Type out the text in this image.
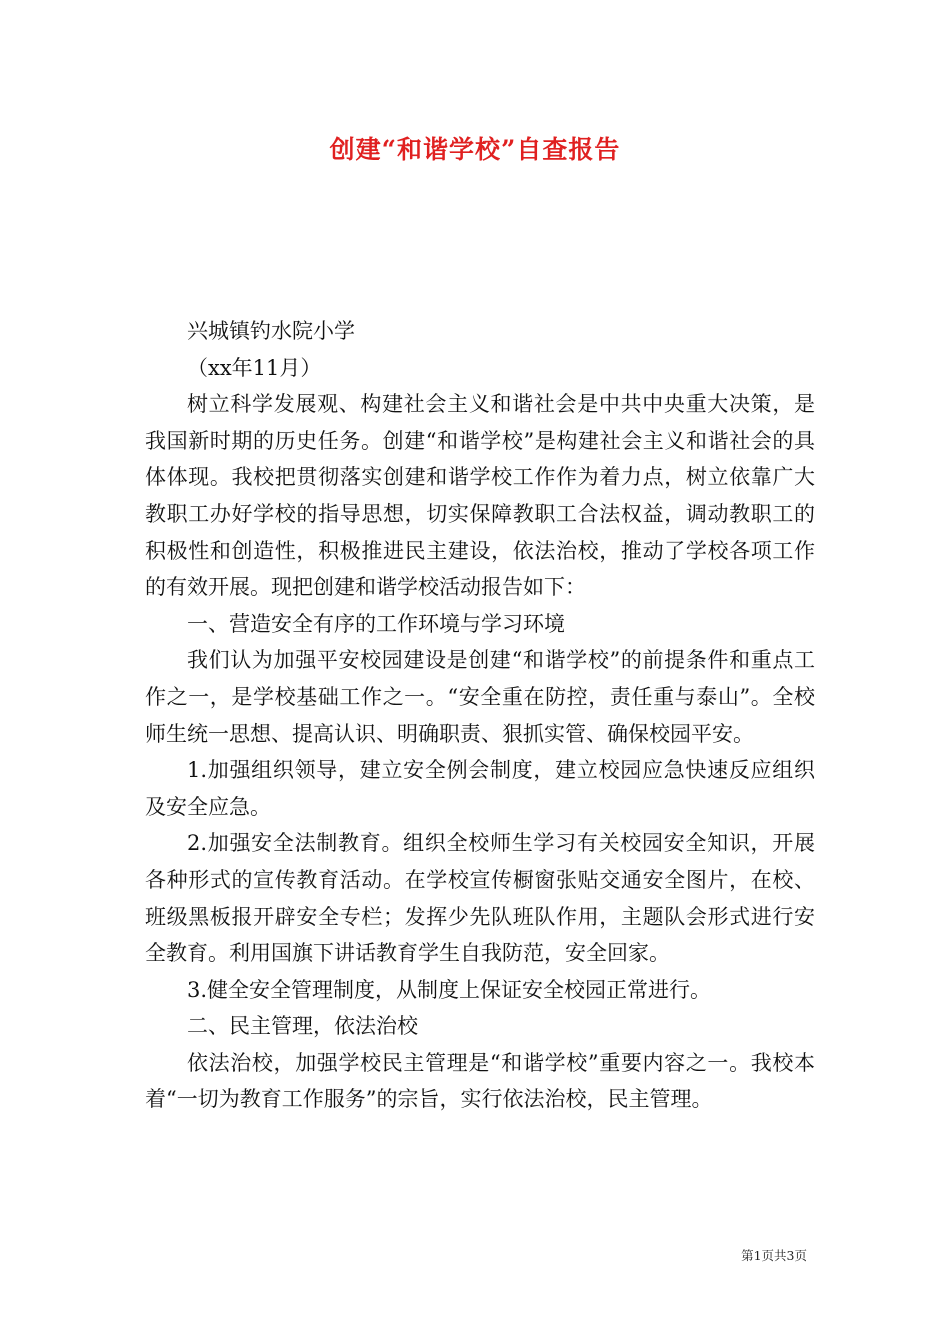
创建“和谐学校”自查报告

兴城镇钓水院小学

（xx年11月）

树立科学发展观、构建社会主义和谐社会是中共中央重大决策，是我国新时期的历史任务。创建“和谐学校”是构建社会主义和谐社会的具体体现。我校把贯彻落实创建和谐学校工作作为着力点，树立依靠广大教职工办好学校的指导思想，切实保障教职工合法权益，调动教职工的积极性和创造性，积极推进民主建设，依法治校，推动了学校各项工作的有效开展。现把创建和谐学校活动报告如下：

一、营造安全有序的工作环境与学习环境

我们认为加强平安校园建设是创建“和谐学校”的前提条件和重点工作之一，是学校基础工作之一。“安全重在防控，责任重与泰山”。全校师生统一思想、提高认识、明确职责、狠抓实管、确保校园平安。

1.加强组织领导，建立安全例会制度，建立校园应急快速反应组织及安全应急。

2.加强安全法制教育。组织全校师生学习有关校园安全知识，开展各种形式的宣传教育活动。在学校宣传橱窗张贴交通安全图片，在校、班级黑板报开辟安全专栏；发挥少先队班队作用，主题队会形式进行安全教育。利用国旗下讲话教育学生自我防范，安全回家。

3.健全安全管理制度，从制度上保证安全校园正常进行。

二、民主管理，依法治校

依法治校，加强学校民主管理是“和谐学校”重要内容之一。我校本着“一切为教育工作服务”的宗旨，实行依法治校，民主管理。

第1页共3页
